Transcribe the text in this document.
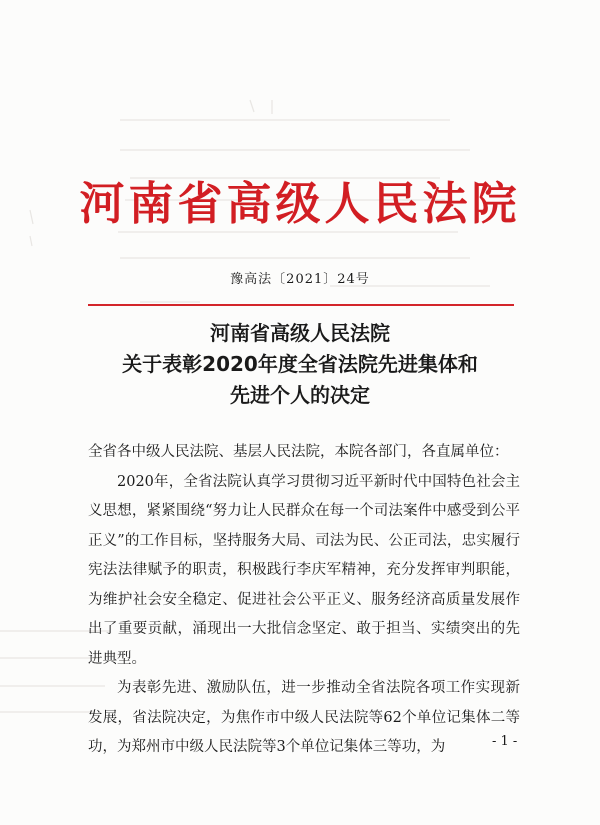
河南省高级人民法院
豫高法〔2021〕24号
河南省高级人民法院
关于表彰2020年度全省法院先进集体和
先进个人的决定

全省各中级人民法院、基层人民法院，本院各部门，各直属单位：

2020年，全省法院认真学习贯彻习近平新时代中国特色社会主义思想，紧紧围绕“努力让人民群众在每一个司法案件中感受到公平正义”的工作目标，坚持服务大局、司法为民、公正司法，忠实履行宪法法律赋予的职责，积极践行李庆军精神，充分发挥审判职能，为维护社会安全稳定、促进社会公平正义、服务经济高质量发展作出了重要贡献，涌现出一大批信念坚定、敢于担当、实绩突出的先进典型。

为表彰先进、激励队伍，进一步推动全省法院各项工作实现新发展，省法院决定，为焦作市中级人民法院等62个单位记集体二等功，为郑州市中级人民法院等3个单位记集体三等功，为	- 1 -
